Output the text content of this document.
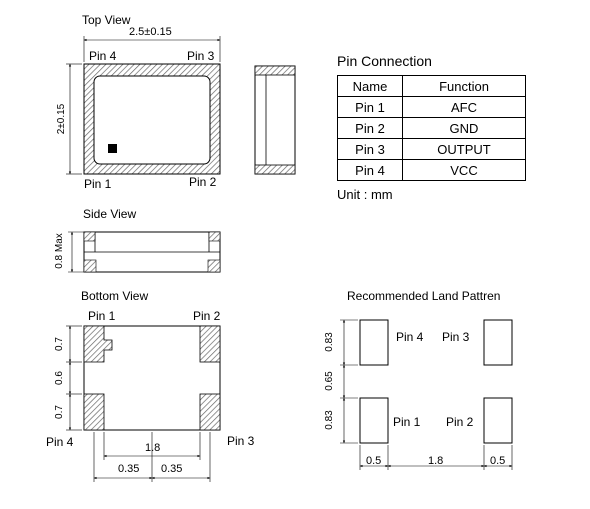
Top View
2.5±0.15
2±0.15
Pin 4	Pin 3
Pin 1	Pin 2
Side View
0.8 Max
Bottom View
Pin 1	Pin 2
Pin 4	Pin 3
0.7
0.6
0.7
1.8
0.35 0.35
Pin Connection
Name	Function
Pin 1	AFC
Pin 2	GND
Pin 3	OUTPUT
Pin 4	VCC
Unit : mm
Recommended Land Pattren
Pin 4 Pin 3
Pin 1 Pin 2
0.83
0.65
0.83
0.5	1.8	0.5
